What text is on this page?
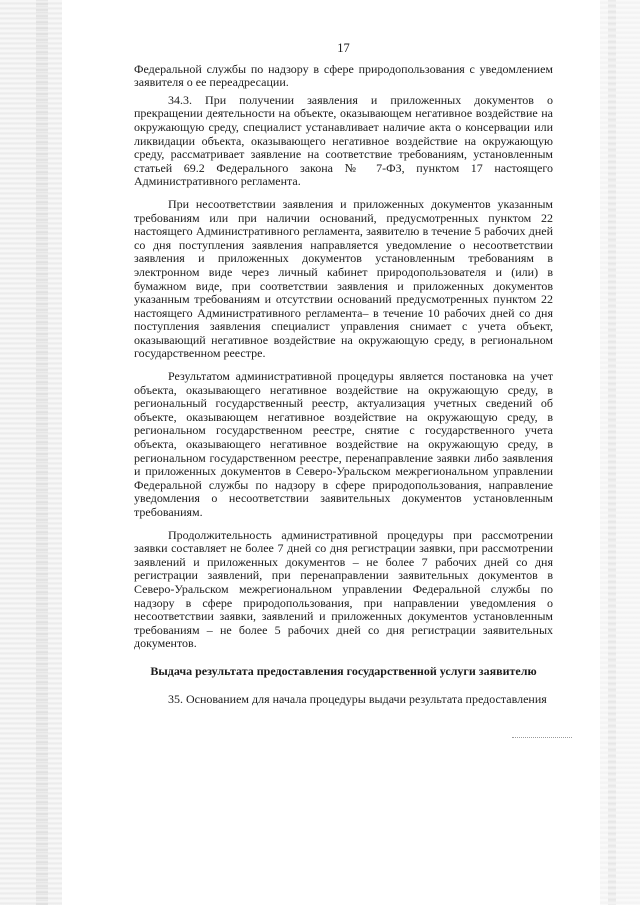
17

Федеральной службы по надзору в сфере природопользования с уведомлением заявителя о ее переадресации.

34.3. При получении заявления и приложенных документов о прекращении деятельности на объекте, оказывающем негативное воздействие на окружающую среду, специалист устанавливает наличие акта о консервации или ликвидации объекта, оказывающего негативное воздействие на окружающую среду, рассматривает заявление на соответствие требованиям, установленным статьей 69.2 Федерального закона № 7-ФЗ, пунктом 17 настоящего Административного регламента.

При несоответствии заявления и приложенных документов указанным требованиям или при наличии оснований, предусмотренных пунктом 22 настоящего Административного регламента, заявителю в течение 5 рабочих дней со дня поступления заявления направляется уведомление о несоответствии заявления и приложенных документов установленным требованиям в электронном виде через личный кабинет природопользователя и (или) в бумажном виде, при соответствии заявления и приложенных документов указанным требованиям и отсутствии оснований предусмотренных пунктом 22 настоящего Административного регламента– в течение 10 рабочих дней со дня поступления заявления специалист управления снимает с учета объект, оказывающий негативное воздействие на окружающую среду, в региональном государственном реестре.

Результатом административной процедуры является постановка на учет объекта, оказывающего негативное воздействие на окружающую среду, в региональный государственный реестр, актуализация учетных сведений об объекте, оказывающем негативное воздействие на окружающую среду, в региональном государственном реестре, снятие с государственного учета объекта, оказывающего негативное воздействие на окружающую среду, в региональном государственном реестре, перенаправление заявки либо заявления и приложенных документов в Северо-Уральском межрегиональном управлении Федеральной службы по надзору в сфере природопользования, направление уведомления о несоответствии заявительных документов установленным требованиям.

Продолжительность административной процедуры при рассмотрении заявки составляет не более 7 дней со дня регистрации заявки, при рассмотрении заявлений и приложенных документов – не более 7 рабочих дней со дня регистрации заявлений, при перенаправлении заявительных документов в Северо-Уральском межрегиональном управлении Федеральной службы по надзору в сфере природопользования, при направлении уведомления о несоответствии заявки, заявлений и приложенных документов установленным требованиям – не более 5 рабочих дней со дня регистрации заявительных документов.

Выдача результата предоставления государственной услуги заявителю

35. Основанием для начала процедуры выдачи результата предоставления
